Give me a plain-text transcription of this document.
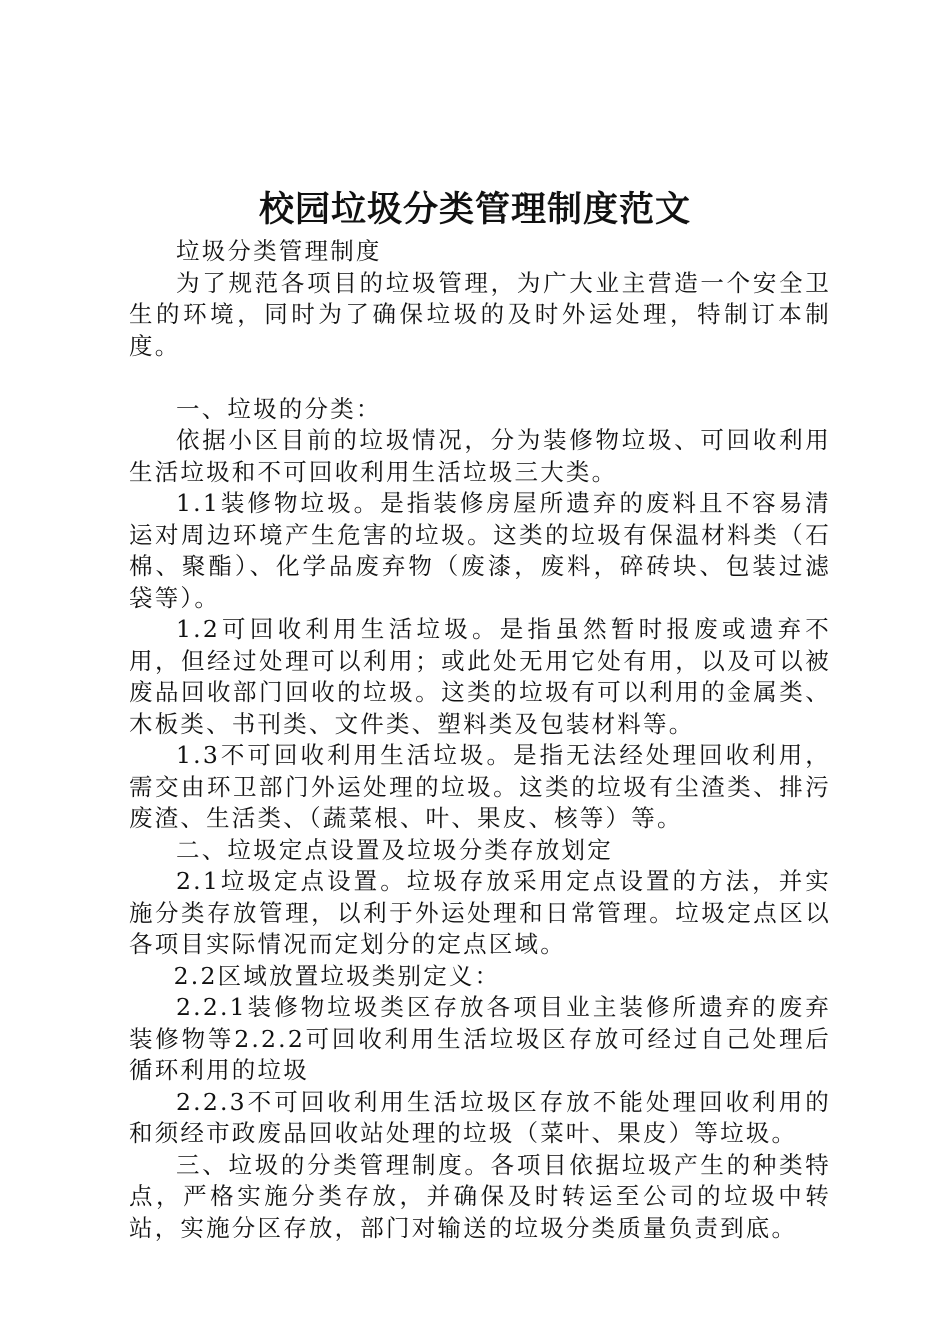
校园垃圾分类管理制度范文

垃圾分类管理制度

为了规范各项目的垃圾管理，为广大业主营造一个安全卫生的环境，同时为了确保垃圾的及时外运处理，特制订本制度。

一、垃圾的分类：

依据小区目前的垃圾情况，分为装修物垃圾、可回收利用生活垃圾和不可回收利用生活垃圾三大类。

1.1装修物垃圾。是指装修房屋所遗弃的废料且不容易清运对周边环境产生危害的垃圾。这类的垃圾有保温材料类（石棉、聚酯）、化学品废弃物（废漆，废料，碎砖块、包装过滤袋等）。

1.2可回收利用生活垃圾。是指虽然暂时报废或遗弃不用，但经过处理可以利用；或此处无用它处有用，以及可以被废品回收部门回收的垃圾。这类的垃圾有可以利用的金属类、木板类、书刊类、文件类、塑料类及包装材料等。

1.3不可回收利用生活垃圾。是指无法经处理回收利用，需交由环卫部门外运处理的垃圾。这类的垃圾有尘渣类、排污废渣、生活类、（蔬菜根、叶、果皮、核等）等。

二、垃圾定点设置及垃圾分类存放划定

2.1垃圾定点设置。垃圾存放采用定点设置的方法，并实施分类存放管理，以利于外运处理和日常管理。垃圾定点区以各项目实际情况而定划分的定点区域。

2.2区域放置垃圾类别定义：

2.2.1装修物垃圾类区存放各项目业主装修所遗弃的废弃装修物等2.2.2可回收利用生活垃圾区存放可经过自己处理后循环利用的垃圾

2.2.3不可回收利用生活垃圾区存放不能处理回收利用的和须经市政废品回收站处理的垃圾（菜叶、果皮）等垃圾。

三、垃圾的分类管理制度。各项目依据垃圾产生的种类特点，严格实施分类存放，并确保及时转运至公司的垃圾中转站，实施分区存放，部门对输送的垃圾分类质量负责到底。
